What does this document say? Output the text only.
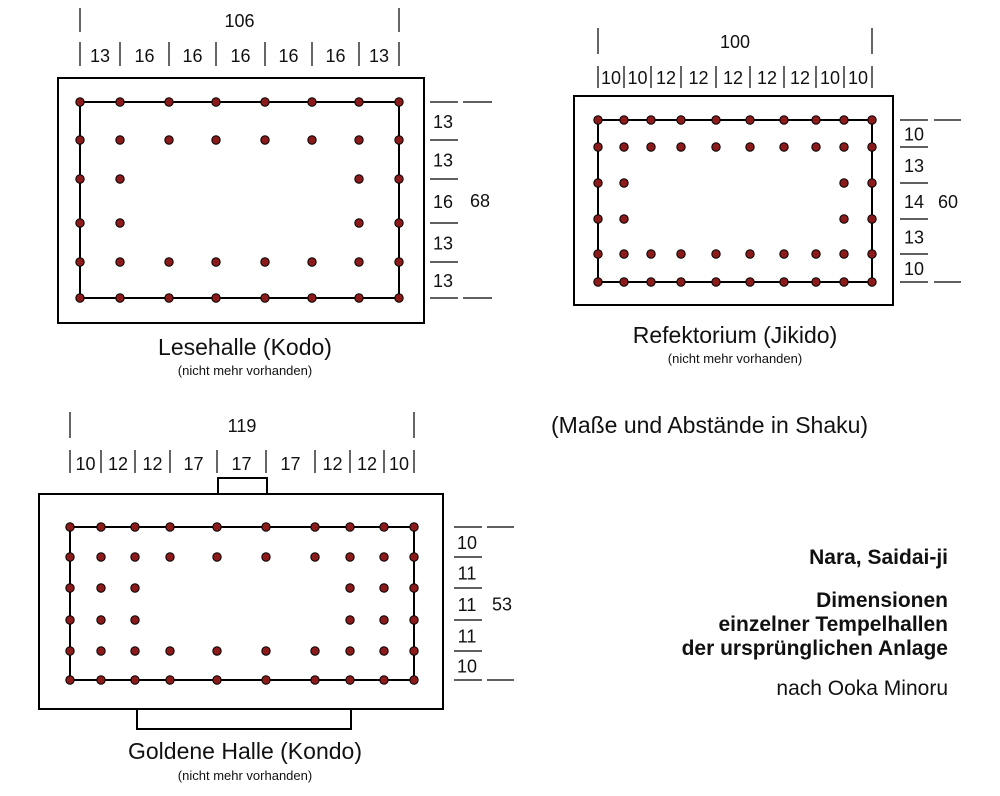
106
13 16 16 16 16 16 13
13
13
16
13
13
68
100
10 10 12 12 12 12 12 10 10
10
13
14
13
10
60
119
10 12 12 17 17 17 12 12 10
10
11
11
11
10
53
Lesehalle (Kodo)
(nicht mehr vorhanden)
Refektorium (Jikido)
(nicht mehr vorhanden)
Goldene Halle (Kondo)
(nicht mehr vorhanden)
(Maße und Abstände in Shaku)
Nara, Saidai-ji
Dimensionen
einzelner Tempelhallen
der ursprünglichen Anlage
nach Ooka Minoru
